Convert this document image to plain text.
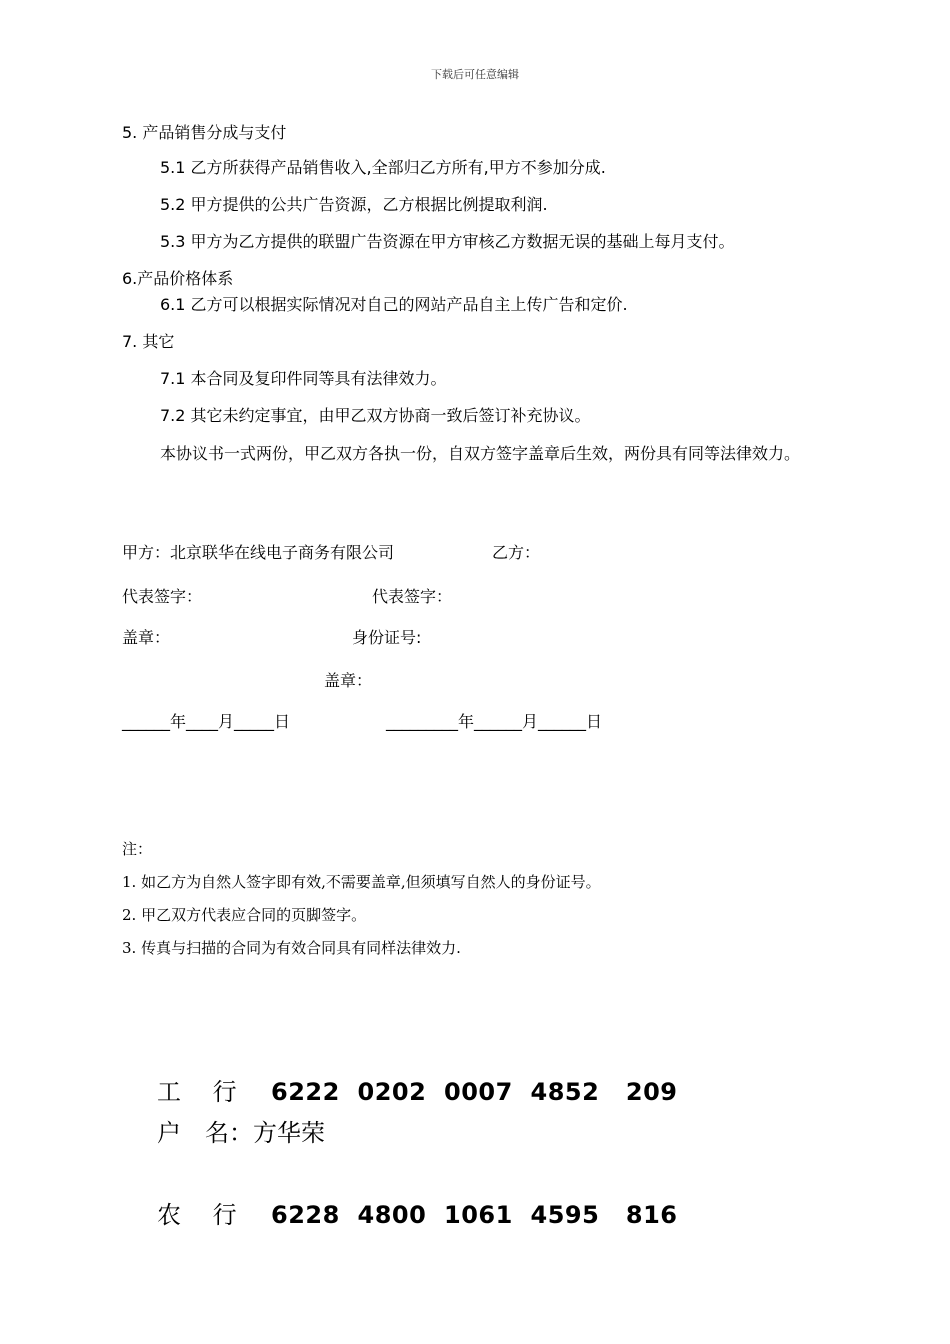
下载后可任意编辑
5. 产品销售分成与支付
5.1 乙方所获得产品销售收入,全部归乙方所有,甲方不参加分成.
5.2 甲方提供的公共广告资源，乙方根据比例提取利润.
5.3 甲方为乙方提供的联盟广告资源在甲方审核乙方数据无误的基础上每月支付。
6.产品价格体系
6.1 乙方可以根据实际情况对自己的网站产品自主上传广告和定价.
7. 其它
7.1 本合同及复印件同等具有法律效力。
7.2 其它未约定事宜，由甲乙双方协商一致后签订补充协议。
本协议书一式两份，甲乙双方各执一份，自双方签字盖章后生效，两份具有同等法律效力。
甲方：北京联华在线电子商务有限公司	乙方：
代表签字：	代表签字：
盖章：	身份证号:
盖章：
______年____月_____日	_________年______月______日
注：
1. 如乙方为自然人签字即有效,不需要盖章,但须填写自然人的身份证号。
2. 甲乙双方代表应合同的页脚签字。
3. 传真与扫描的合同为有效合同具有同样法律效力.
工　 行 6222  0202  0007  4852   209
户　名：方华荣
农　 行 6228  4800  1061  4595   816
